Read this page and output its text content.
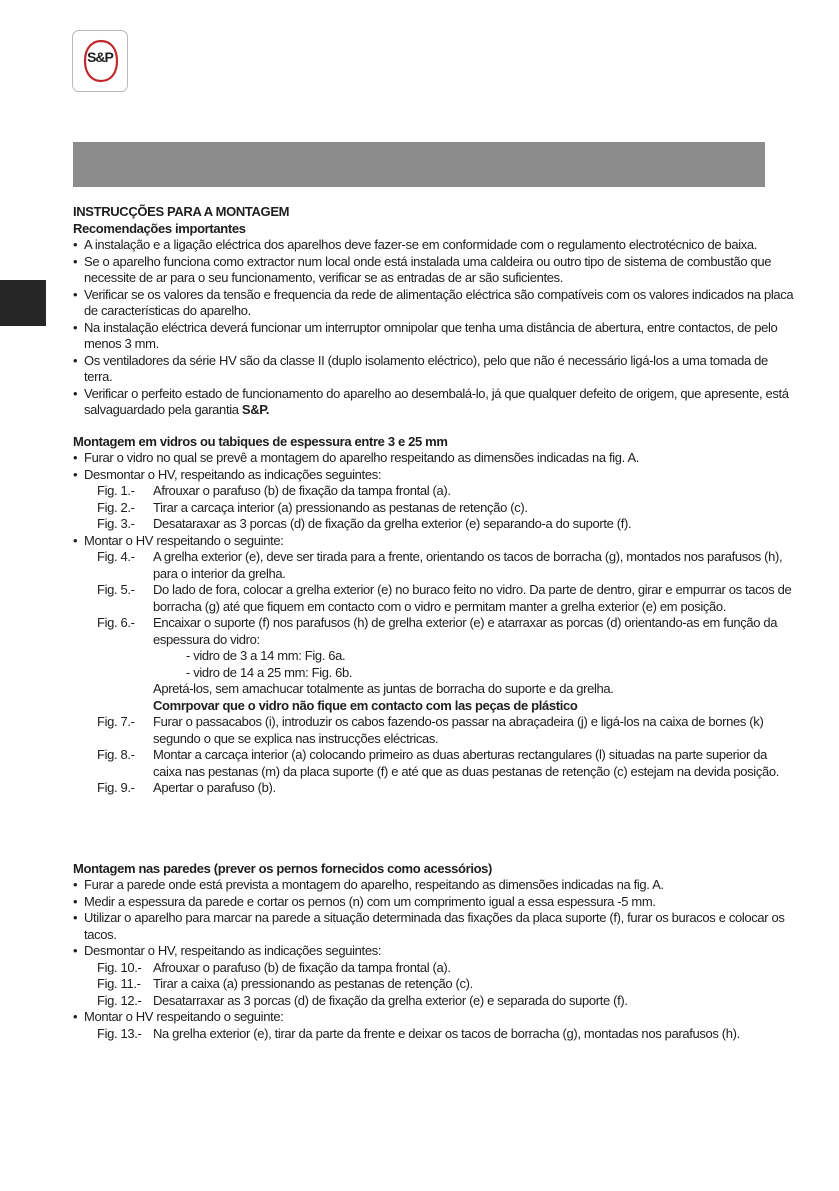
S&P
INSTRUCÇÕES PARA A MONTAGEM
Recomendações importantes
• A instalação e a ligação eléctrica dos aparelhos deve fazer-se em conformidade com o regulamento electrotécnico de baixa.
• Se o aparelho funciona como extractor num local onde está instalada uma caldeira ou outro tipo de sistema de combustão que necessite de ar para o seu funcionamento, verificar se as entradas de ar são suficientes.
• Verificar se os valores da tensão e frequencia da rede de alimentação eléctrica são compatíveis com os valores indicados na placa de características do aparelho.
• Na instalação eléctrica deverá funcionar um interruptor omnipolar que tenha uma distância de abertura, entre contactos, de pelo menos 3 mm.
• Os ventiladores da série HV são da classe II (duplo isolamento eléctrico), pelo que não é necessário ligá-los a uma tomada de terra.
• Verificar o perfeito estado de funcionamento do aparelho ao desembalá-lo, já que qualquer defeito de origem, que apresente, está salvaguardado pela garantia S&P.
Montagem em vidros ou tabiques de espessura entre 3 e 25 mm
• Furar o vidro no qual se prevê a montagem do aparelho respeitando as dimensões indicadas na fig. A.
• Desmontar o HV, respeitando as indicações seguintes:
Fig. 1.-	Afrouxar o parafuso (b) de fixação da tampa frontal (a).
Fig. 2.-	Tirar a carcaça interior (a) pressionando as pestanas de retenção (c).
Fig. 3.-	Desataraxar as 3 porcas (d) de fixação da grelha exterior (e) separando-a do suporte (f).
• Montar o HV respeitando o seguinte:
Fig. 4.-	A grelha exterior (e), deve ser tirada para a frente, orientando os tacos de borracha (g), montados nos parafusos (h), para o interior da grelha.
Fig. 5.-	Do lado de fora, colocar a grelha exterior (e) no buraco feito no vidro. Da parte de dentro, girar e empurrar os tacos de borracha (g) até que fiquem em contacto com o vidro e permitam manter a grelha exterior (e) em posição.
Fig. 6.-	Encaixar o suporte (f) nos parafusos (h) de grelha exterior (e) e atarraxar as porcas (d) orientando-as em função da espessura do vidro:
- vidro de 3 a 14 mm: Fig. 6a.
- vidro de 14 a 25 mm: Fig. 6b.
Apretá-los, sem amachucar totalmente as juntas de borracha do suporte e da grelha.
Comrpovar que o vidro não fique em contacto com las peças de plástico
Fig. 7.-	Furar o passacabos (i), introduzir os cabos fazendo-os passar na abraçadeira (j) e ligá-los na caixa de bornes (k) segundo o que se explica nas instrucções eléctricas.
Fig. 8.-	Montar a carcaça interior (a) colocando primeiro as duas aberturas rectangulares (l) situadas na parte superior da caixa nas pestanas (m) da placa suporte (f) e até que as duas pestanas de retenção (c) estejam na devida posição.
Fig. 9.-	Apertar o parafuso (b).
Montagem nas paredes (prever os pernos fornecidos como acessórios)
• Furar a parede onde está prevista a montagem do aparelho, respeitando as dimensões indicadas na fig. A.
• Medir a espessura da parede e cortar os pernos (n) com um comprimento igual a essa espessura -5 mm.
• Utilizar o aparelho para marcar na parede a situação determinada das fixações da placa suporte (f), furar os buracos e colocar os tacos.
• Desmontar o HV, respeitando as indicações seguintes:
Fig. 10.- Afrouxar o parafuso (b) de fixação da tampa frontal (a).
Fig. 11.- Tirar a caixa (a) pressionando as pestanas de retenção (c).
Fig. 12.- Desatarraxar as 3 porcas (d) de fixação da grelha exterior (e) e separada do suporte (f).
• Montar o HV respeitando o seguinte:
Fig. 13.- Na grelha exterior (e), tirar da parte da frente e deixar os tacos de borracha (g), montadas nos parafusos (h).
